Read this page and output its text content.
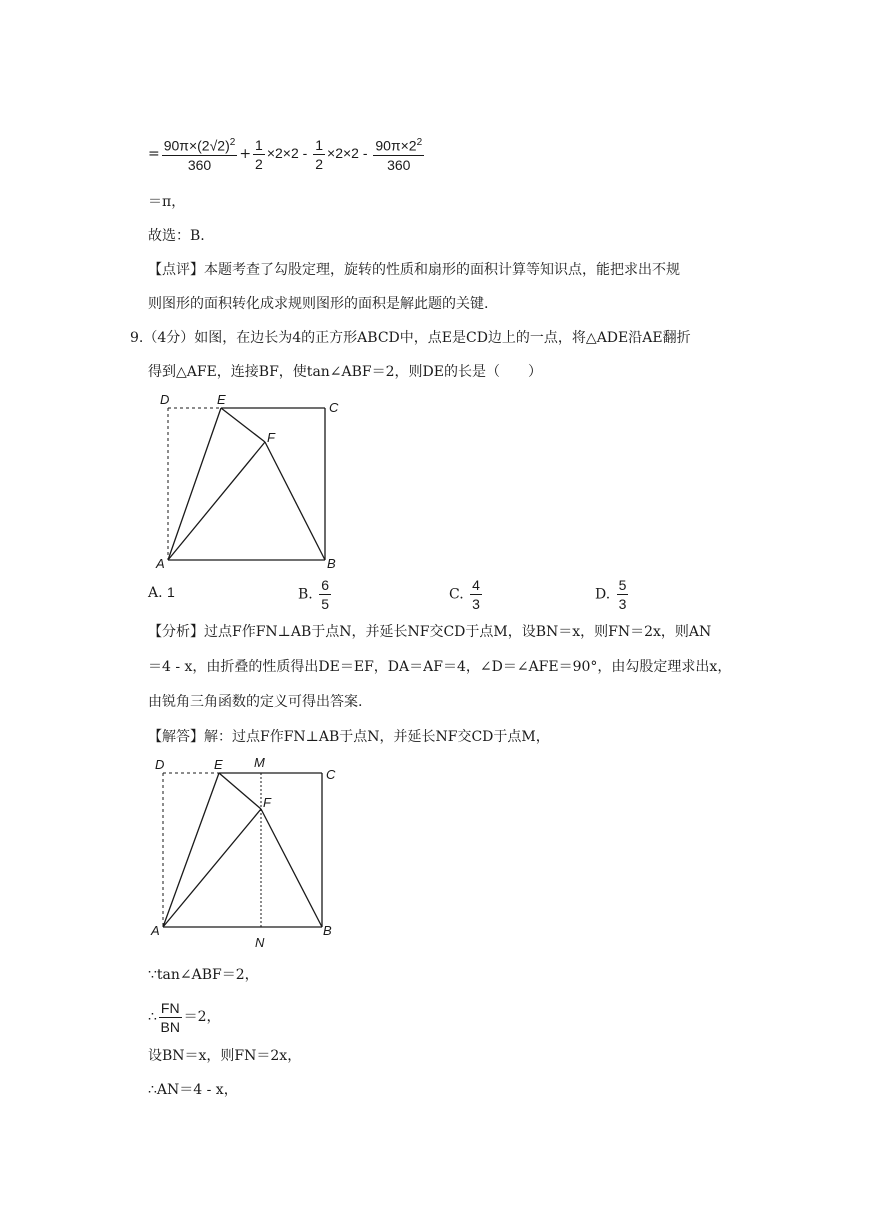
= $\frac{90\pi\times(2√2)^2}{360} + \frac{1}{2} \times 2\times 2 - \frac{1}{2} \times 2\times 2 - \frac{90\pi\times 2^2}{360}$
＝π，
故选：B.
【点评】本题考查了勾股定理，旋转的性质和扇形的面积计算等知识点，能把求出不规
则图形的面积转化成求规则图形的面积是解此题的关键.
9.（4分）如图，在边长为4的正方形ABCD中，点E是CD边上的一点，将△ADE沿AE翻折
得到△AFE，连接BF，使tan∠ABF＝2，则DE的长是（　　）
D	E
C
F
A	B
A. 1	B. $\frac{6}{5}$	C. $\frac{4}{3}$	D. $\frac{5}{3}$
【分析】过点F作FN⊥AB于点N，并延长NF交CD于点M，设BN＝x，则FN＝2x，则AN
＝4 - x，由折叠的性质得出DE＝EF，DA＝AF＝4，∠D＝∠AFE＝90°，由勾股定理求出x，
由锐角三角函数的定义可得出答案.
【解答】解：过点F作FN⊥AB于点N，并延长NF交CD于点M，
D	E M
C
F
A
N
B
∵tan∠ABF＝2，
∴ $\frac{FN}{BN} =2$，
设BN＝x，则FN＝2x，
∴AN＝4 - x，
